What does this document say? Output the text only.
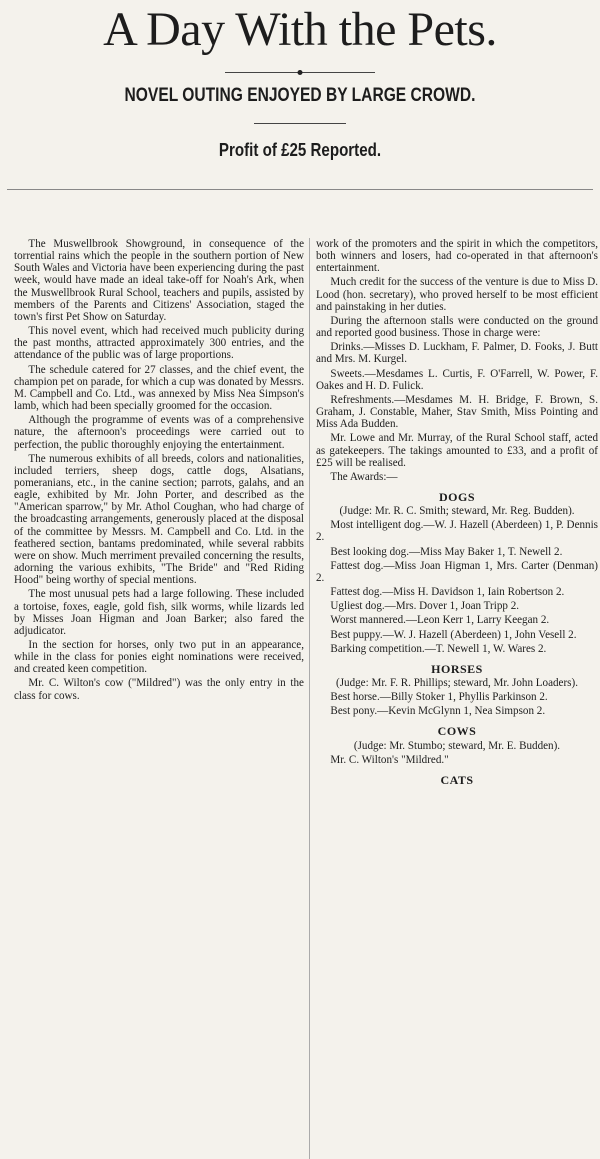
A Day With the Pets.
NOVEL OUTING ENJOYED BY LARGE CROWD.
Profit of £25 Reported.

The Muswellbrook Showground, in consequence of the torrential rains which the people in the southern portion of New South Wales and Victoria have been experiencing during the past week, would have made an ideal take-off for Noah's Ark, when the Muswellbrook Rural School, teachers and pupils, assisted by members of the Parents and Citizens' Association, staged the town's first Pet Show on Saturday.

This novel event, which had received much publicity during the past months, attracted approximately 300 entries, and the attendance of the public was of large proportions.

The schedule catered for 27 classes, and the chief event, the champion pet on parade, for which a cup was donated by Messrs. M. Campbell and Co. Ltd., was annexed by Miss Nea Simpson's lamb, which had been specially groomed for the occasion.

Although the programme of events was of a comprehensive nature, the afternoon's proceedings were carried out to perfection, the public thoroughly enjoying the entertainment.

The numerous exhibits of all breeds, colors and nationalities, included terriers, sheep dogs, cattle dogs, Alsatians, pomeranians, etc., in the canine section; parrots, galahs, and an eagle, exhibited by Mr. John Porter, and described as the "American sparrow," by Mr. Athol Coughan, who had charge of the broadcasting arrangements, generously placed at the disposal of the committee by Messrs. M. Campbell and Co. Ltd. in the feathered section, bantams predominated, while several rabbits were on show. Much merriment prevailed concerning the results, adorning the various exhibits, "The Bride" and "Red Riding Hood" being worthy of special mentions.

The most unusual pets had a large following. These included a tortoise, foxes, eagle, gold fish, silk worms, while lizards led by Misses Joan Higman and Joan Barker; also fared the adjudicator.

In the section for horses, only two put in an appearance, while in the class for ponies eight nominations were received, and created keen competition.

Mr. C. Wilton's cow ("Mildred") was the only entry in the class for cows.

work of the promoters and the spirit in which the competitors, both winners and losers, had co-operated in that afternoon's entertainment.

Much credit for the success of the venture is due to Miss D. Lood (hon. secretary), who proved herself to be most efficient and painstaking in her duties.

During the afternoon stalls were conducted on the ground and reported good business. Those in charge were:

Drinks.—Misses D. Luckham, F. Palmer, D. Fooks, J. Butt and Mrs. M. Kurgel.

Sweets.—Mesdames L. Curtis, F. O'Farrell, W. Power, F. Oakes and H. D. Fulick.

Refreshments.—Mesdames M. H. Bridge, F. Brown, S. Graham, J. Constable, Maher, Stav Smith, Miss Pointing and Miss Ada Budden.

Mr. Lowe and Mr. Murray, of the Rural School staff, acted as gatekeepers. The takings amounted to £33, and a profit of £25 will be realised.

The Awards:—

DOGS
(Judge: Mr. R. C. Smith; steward, Mr. Reg. Budden).
Most intelligent dog.—W. J. Hazell (Aberdeen) 1, P. Dennis 2.
Best looking dog.—Miss May Baker 1, T. Newell 2.
Fattest dog.—Miss Joan Higman 1, Mrs. Carter (Denman) 2.
Fattest dog.—Miss H. Davidson 1, Iain Robertson 2.
Ugliest dog.—Mrs. Dover 1, Joan Tripp 2.
Worst mannered.—Leon Kerr 1, Larry Keegan 2.
Best puppy.—W. J. Hazell (Aberdeen) 1, John Vesell 2.
Barking competition.—T. Newell 1, W. Wares 2.
HORSES
(Judge: Mr. F. R. Phillips; steward, Mr. John Loaders).
Best horse.—Billy Stoker 1, Phyllis Parkinson 2.
Best pony.—Kevin McGlynn 1, Nea Simpson 2.
COWS
(Judge: Mr. Stumbo; steward, Mr. E. Budden).
Mr. C. Wilton's "Mildred."
CATS
